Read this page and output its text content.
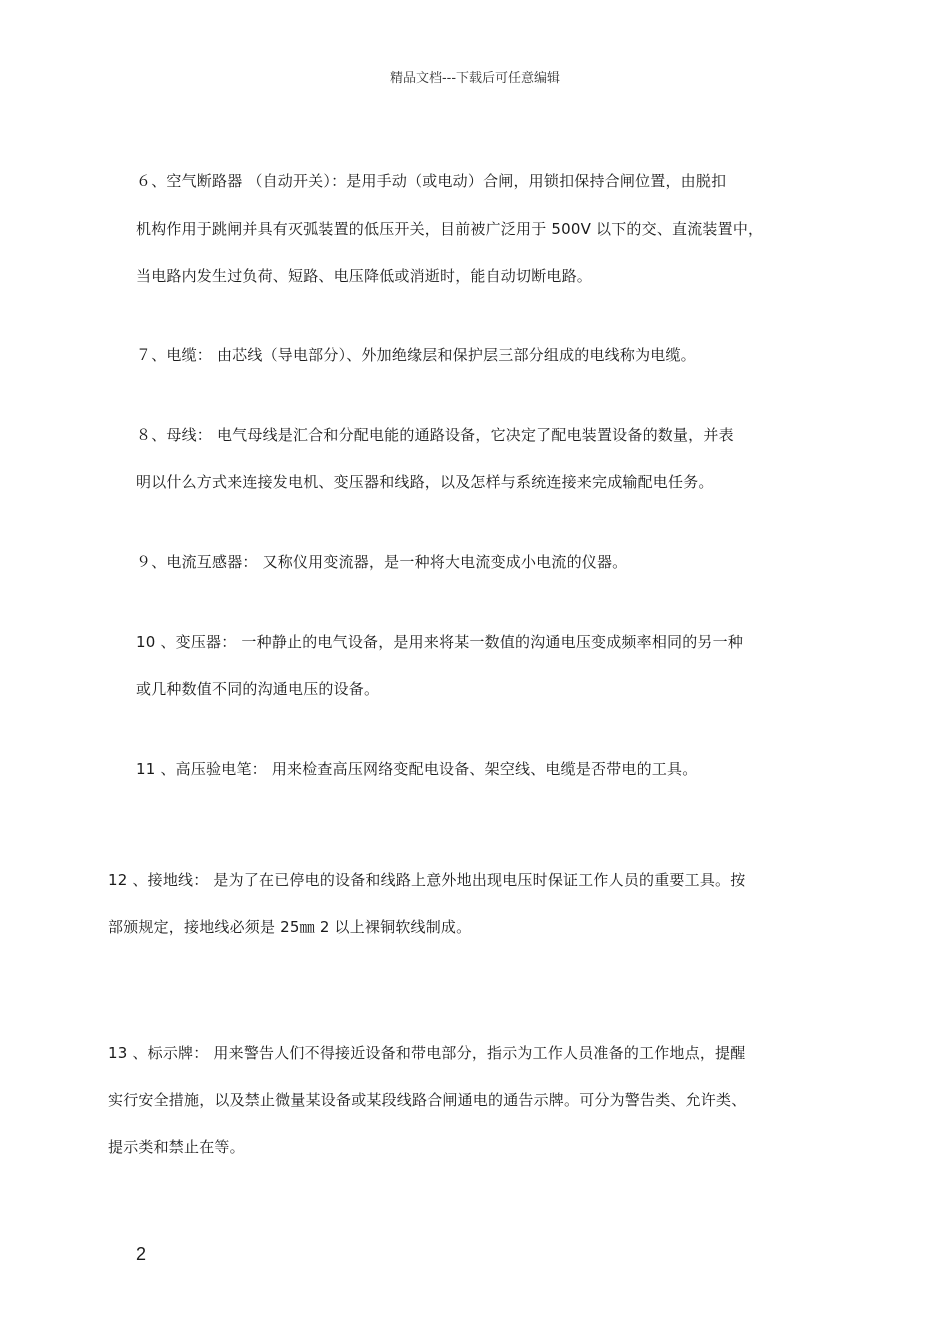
精品文档---下载后可任意编辑
６、空气断路器 （自动开关）：是用手动（或电动）合闸，用锁扣保持合闸位置，由脱扣
机构作用于跳闸并具有灭弧装置的低压开关，目前被广泛用于 500V 以下的交、直流装置中，
当电路内发生过负荷、短路、电压降低或消逝时，能自动切断电路。
７、电缆： 由芯线（导电部分）、外加绝缘层和保护层三部分组成的电线称为电缆。
８、母线： 电气母线是汇合和分配电能的通路设备，它决定了配电装置设备的数量，并表
明以什么方式来连接发电机、变压器和线路，以及怎样与系统连接来完成输配电任务。
９、电流互感器： 又称仪用变流器，是一种将大电流变成小电流的仪器。
10 、变压器： 一种静止的电气设备，是用来将某一数值的沟通电压变成频率相同的另一种
或几种数值不同的沟通电压的设备。
11 、高压验电笔： 用来检查高压网络变配电设备、架空线、电缆是否带电的工具。
12 、接地线： 是为了在已停电的设备和线路上意外地出现电压时保证工作人员的重要工具。按
部颁规定，接地线必须是 25㎜ 2 以上裸铜软线制成。
13 、标示牌： 用来警告人们不得接近设备和带电部分，指示为工作人员准备的工作地点，提醒
实行安全措施，以及禁止微量某设备或某段线路合闸通电的通告示牌。可分为警告类、允许类、
提示类和禁止在等。
2
